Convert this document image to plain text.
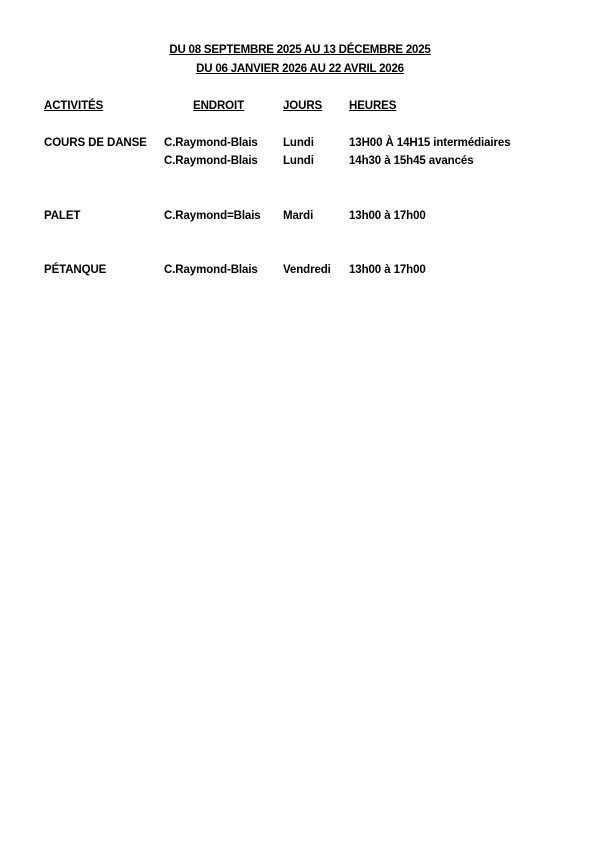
DU 08 SEPTEMBRE 2025 AU 13 DÉCEMBRE 2025
DU 06 JANVIER 2026 AU 22 AVRIL 2026
ACTIVITÉS	ENDROIT	JOURS HEURES
COURS DE DANSE C.Raymond-Blais Lundi	13H00 À 14H15 intermédiaires
C.Raymond-Blais Lundi	14h30 à 15h45 avancés
PALET	C.Raymond=Blais Mardi	13h00 à 17h00
PÉTANQUE	C.Raymond-Blais Vendredi 13h00 à 17h00
